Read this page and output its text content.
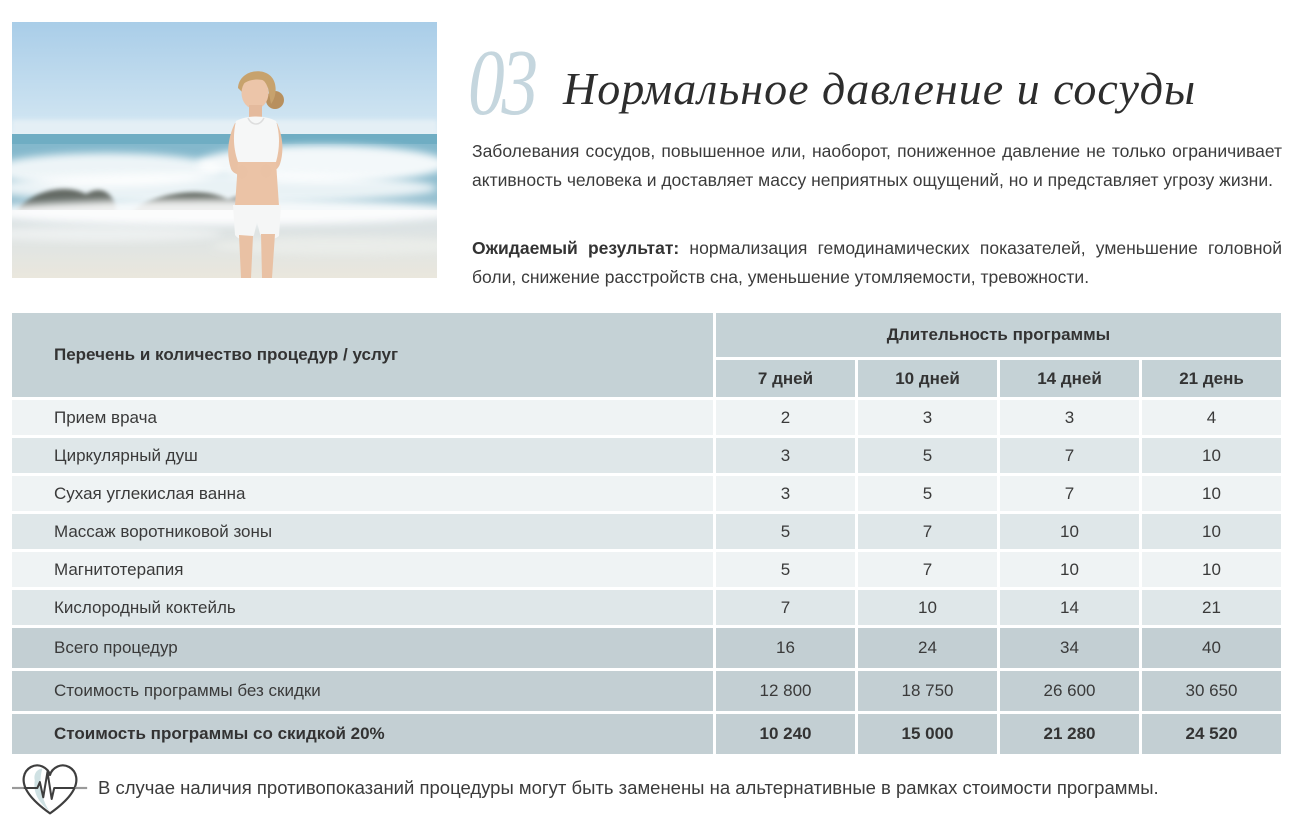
03 Нормальное давление и сосуды

Заболевания сосудов, повышенное или, наоборот, пониженное давление не только ограничивает активность человека и доставляет массу неприятных ощущений, но и представляет угрозу жизни.

Ожидаемый результат: нормализация гемодинамических показателей, уменьшение головной боли, снижение расстройств сна, уменьшение утомляемости, тревожности.

Перечень и количество процедур / услуг
Длительность программы
7 дней	10 дней	14 дней	21 день
Прием врача	2	3	3	4
Циркулярный душ	3	5	7	10
Сухая углекислая ванна	3	5	7	10
Массаж воротниковой зоны	5	7	10	10
Магнитотерапия	5	7	10	10
Кислородный коктейль	7	10	14	21
Всего процедур	16	24	34	40
Стоимость программы без скидки	12 800	18 750	26 600	30 650
Стоимость программы со скидкой 20%	10 240	15 000	21 280	24 520
В случае наличия противопоказаний процедуры могут быть заменены на альтернативные в рамках стоимости программы.
